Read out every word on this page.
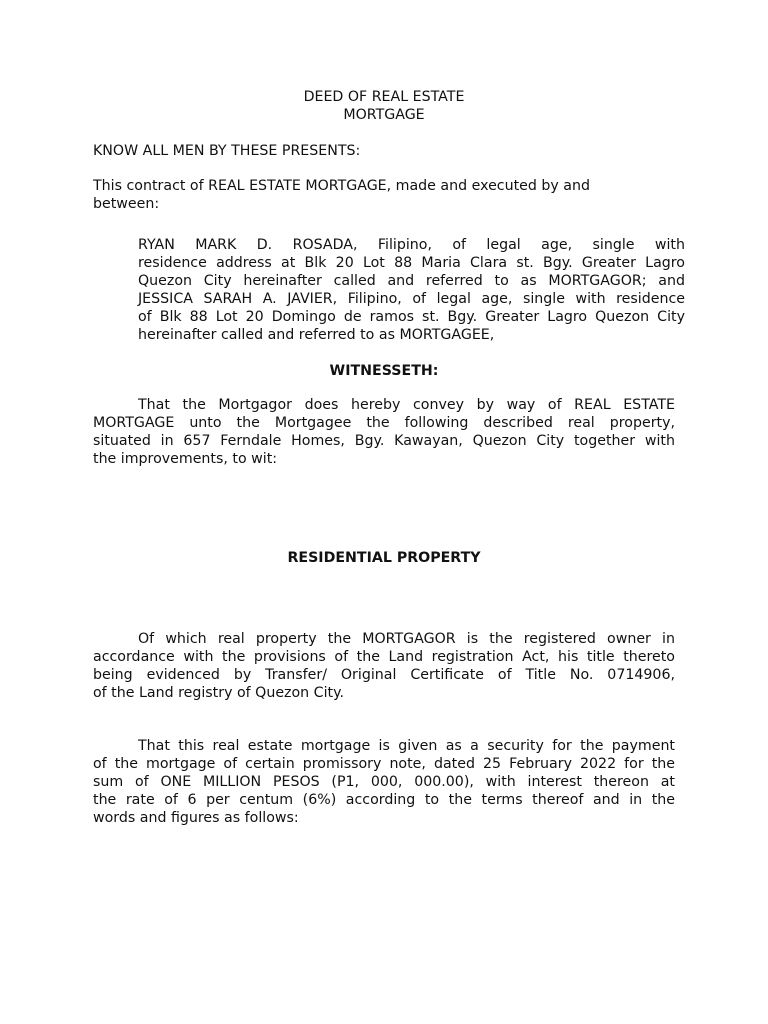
DEED OF REAL ESTATE
MORTGAGE
KNOW ALL MEN BY THESE PRESENTS:
This contract of REAL ESTATE MORTGAGE, made and executed by and
between:
RYAN MARK D. ROSADA, Filipino, of legal age, single with
residence address at Blk 20 Lot 88 Maria Clara st. Bgy. Greater Lagro
Quezon City hereinafter called and referred to as MORTGAGOR; and
JESSICA SARAH A. JAVIER, Filipino, of legal age, single with residence
of Blk 88 Lot 20 Domingo de ramos st. Bgy. Greater Lagro Quezon City
hereinafter called and referred to as MORTGAGEE,
WITNESSETH:
That the Mortgagor does hereby convey by way of REAL ESTATE
MORTGAGE unto the Mortgagee the following described real property,
situated in 657 Ferndale Homes, Bgy. Kawayan, Quezon City together with
the improvements, to wit:
RESIDENTIAL PROPERTY
Of which real property the MORTGAGOR is the registered owner in
accordance with the provisions of the Land registration Act, his title thereto
being evidenced by Transfer/ Original Certificate of Title No. 0714906,
of the Land registry of Quezon City.
That this real estate mortgage is given as a security for the payment
of the mortgage of certain promissory note, dated 25 February 2022 for the
sum of ONE MILLION PESOS (P1, 000, 000.00), with interest thereon at
the rate of 6 per centum (6%) according to the terms thereof and in the
words and figures as follows:
